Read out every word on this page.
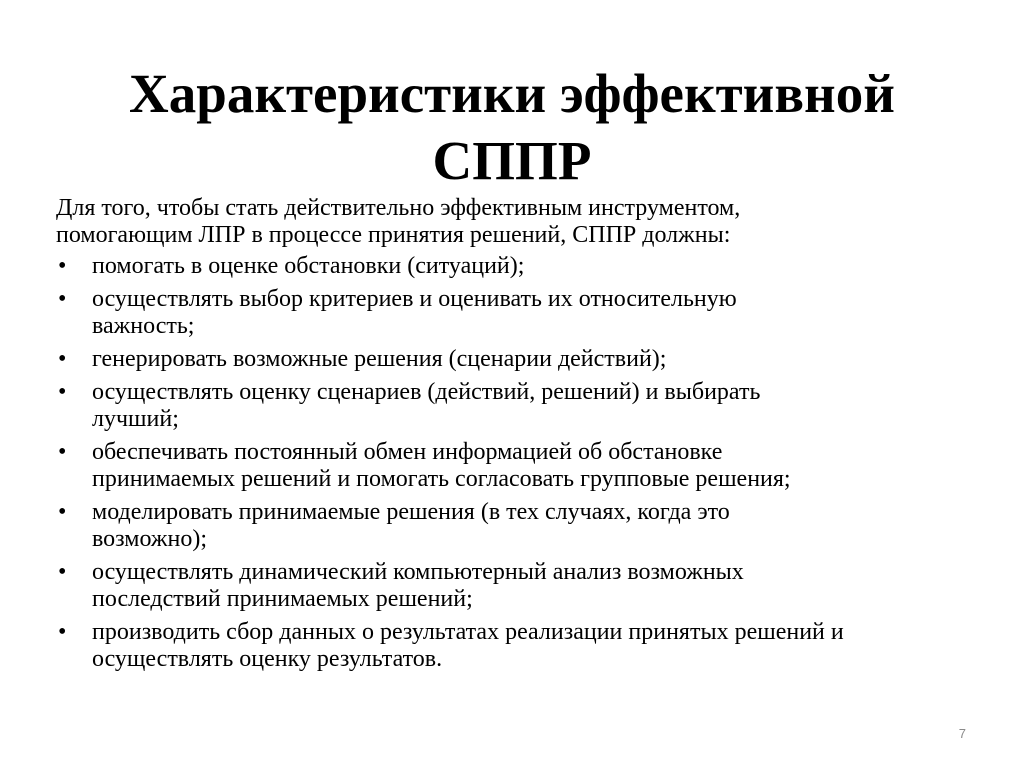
Характеристики эффективной
СППР

Для того, чтобы стать действительно эффективным инструментом,
помогающим ЛПР в процессе принятия решений, СППР должны:

• помогать в оценке обстановки (ситуаций);
• осуществлять выбор критериев и оценивать их относительную
важность;
• генерировать возможные решения (сценарии действий);
• осуществлять оценку сценариев (действий, решений) и выбирать
лучший;
• обеспечивать постоянный обмен информацией об обстановке
принимаемых решений и помогать согласовать групповые решения;
• моделировать принимаемые решения (в тех случаях, когда это
возможно);
• осуществлять динамический компьютерный анализ возможных
последствий принимаемых решений;
• производить сбор данных о результатах реализации принятых решений и
осуществлять оценку результатов.
7
